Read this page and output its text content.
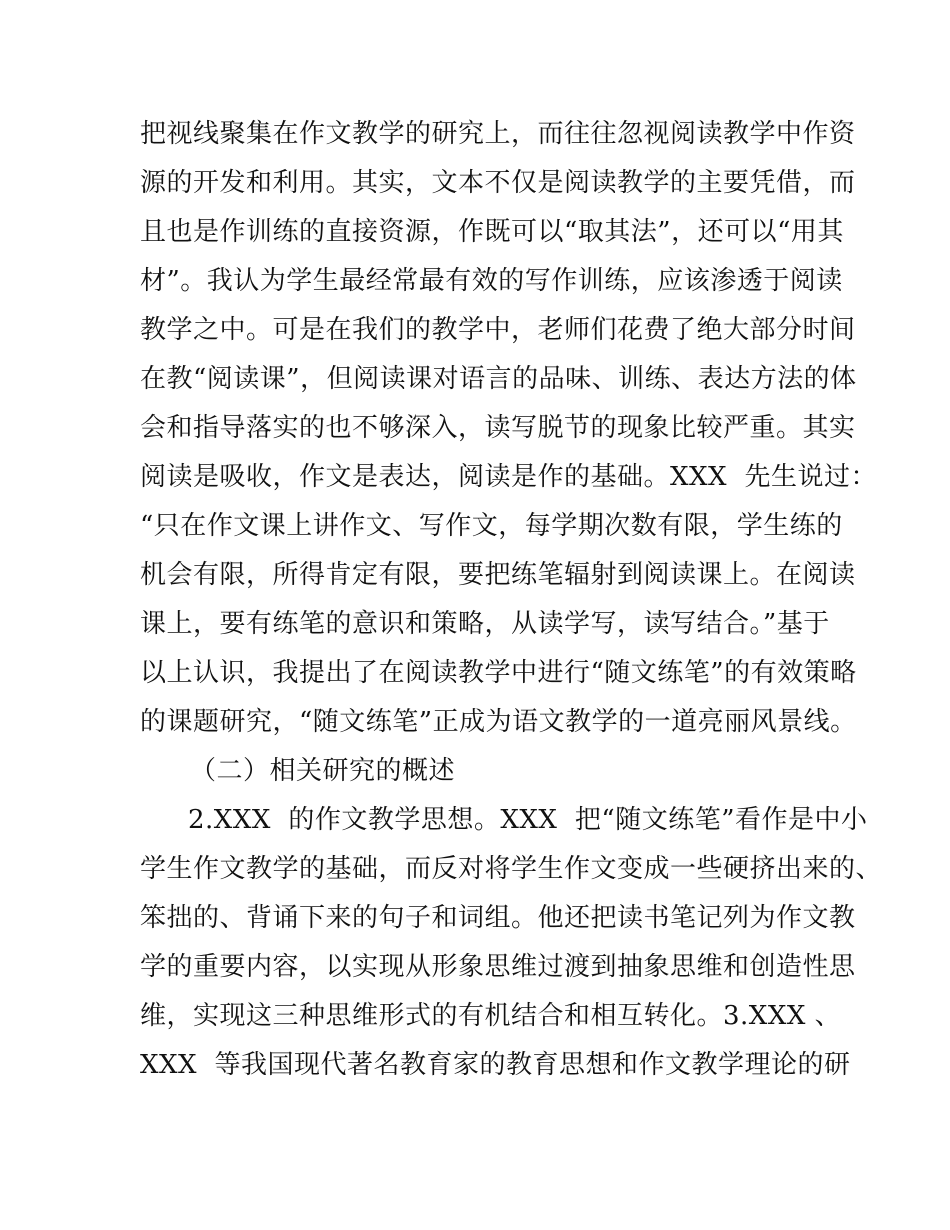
把视线聚集在作文教学的研究上，而往往忽视阅读教学中作资
源的开发和利用。其实，文本不仅是阅读教学的主要凭借，而
且也是作训练的直接资源，作既可以“取其法”，还可以“用其
材”。我认为学生最经常最有效的写作训练，应该渗透于阅读
教学之中。可是在我们的教学中，老师们花费了绝大部分时间
在教“阅读课”，但阅读课对语言的品味、训练、表达方法的体
会和指导落实的也不够深入，读写脱节的现象比较严重。其实
阅读是吸收，作文是表达，阅读是作的基础。XXX  先生说过：
“只在作文课上讲作文、写作文，每学期次数有限，学生练的
机会有限，所得肯定有限，要把练笔辐射到阅读课上。在阅读
课上，要有练笔的意识和策略，从读学写，读写结合。”基于
以上认识，我提出了在阅读教学中进行“随文练笔”的有效策略
的课题研究，“随文练笔”正成为语文教学的一道亮丽风景线。
（二）相关研究的概述
2.XXX  的作文教学思想。XXX  把“随文练笔”看作是中小
学生作文教学的基础，而反对将学生作文变成一些硬挤出来的、
笨拙的、背诵下来的句子和词组。他还把读书笔记列为作文教
学的重要内容，以实现从形象思维过渡到抽象思维和创造性思
维，实现这三种思维形式的有机结合和相互转化。3.XXX 、
XXX  等我国现代著名教育家的教育思想和作文教学理论的研
